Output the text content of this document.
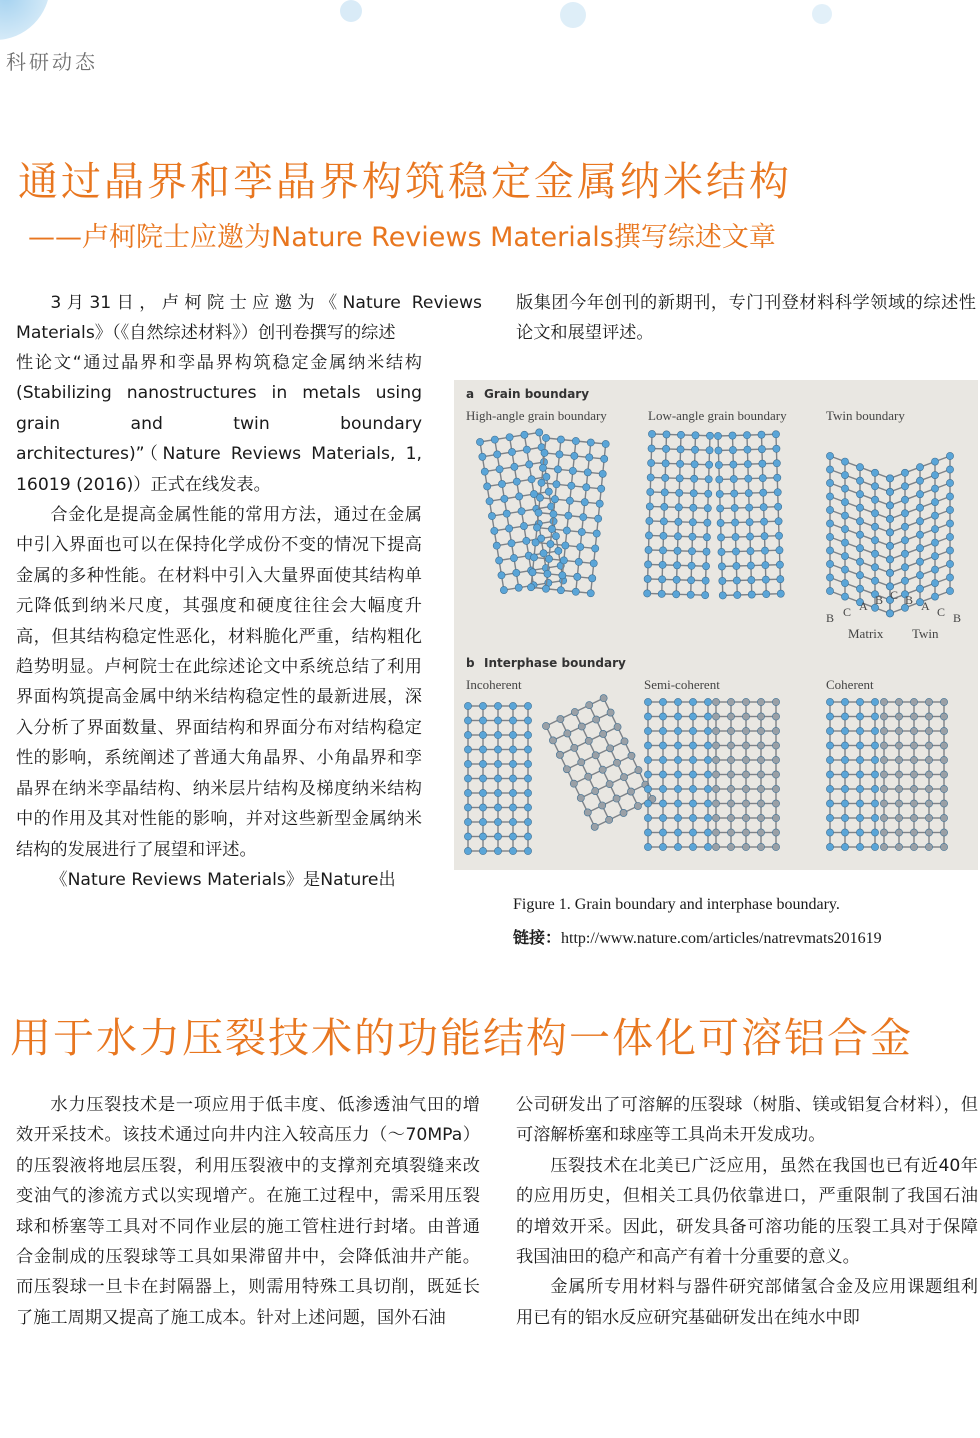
科研动态
通过晶界和孪晶界构筑稳定金属纳米结构
——卢柯院士应邀为Nature Reviews Materials撰写综述文章

3月31日，卢柯院士应邀为《Nature Reviews Materials》（《自然综述材料》）创刊卷撰写的综述

性论文“通过晶界和孪晶界构筑稳定金属纳米结构(Stabilizing nanostructures in metals using grain and twin boundary architectures)”（Nature Reviews Materials, 1, 16019 (2016)）正式在线发表。

合金化是提高金属性能的常用方法，通过在金属中引入界面也可以在保持化学成份不变的情况下提高金属的多种性能。在材料中引入大量界面使其结构单元降低到纳米尺度，其强度和硬度往往会大幅度升高，但其结构稳定性恶化，材料脆化严重，结构粗化趋势明显。卢柯院士在此综述论文中系统总结了利用界面构筑提高金属中纳米结构稳定性的最新进展，深入分析了界面数量、界面结构和界面分布对结构稳定性的影响，系统阐述了普通大角晶界、小角晶界和孪晶界在纳米孪晶结构、纳米层片结构及梯度纳米结构中的作用及其对性能的影响，并对这些新型金属纳米结构的发展进行了展望和评述。

《Nature Reviews Materials》是Nature出

版集团今年创刊的新期刊，专门刊登材料科学领域的综述性论文和展望评述。

a Grain boundary
High-angle grain boundary	Low-angle grain boundary	Twin boundary
B C A B C B A C B
Matrix Twin
b Interphase boundary
Incoherent	Semi-coherent	Coherent
Figure 1. Grain boundary and interphase boundary.
链接：http://www.nature.com/articles/natrevmats201619
用于水力压裂技术的功能结构一体化可溶铝合金

水力压裂技术是一项应用于低丰度、低渗透油气田的增效开采技术。该技术通过向井内注入较高压力（～70MPa）的压裂液将地层压裂，利用压裂液中的支撑剂充填裂缝来改变油气的渗流方式以实现增产。在施工过程中，需采用压裂球和桥塞等工具对不同作业层的施工管柱进行封堵。由普通合金制成的压裂球等工具如果滞留井中，会降低油井产能。而压裂球一旦卡在封隔器上，则需用特殊工具切削，既延长了施工周期又提高了施工成本。针对上述问题，国外石油

公司研发出了可溶解的压裂球（树脂、镁或铝复合材料），但可溶解桥塞和球座等工具尚未开发成功。

压裂技术在北美已广泛应用，虽然在我国也已有近40年的应用历史，但相关工具仍依靠进口，严重限制了我国石油的增效开采。因此，研发具备可溶功能的压裂工具对于保障我国油田的稳产和高产有着十分重要的意义。

金属所专用材料与器件研究部储氢合金及应用课题组利用已有的铝水反应研究基础研发出在纯水中即
